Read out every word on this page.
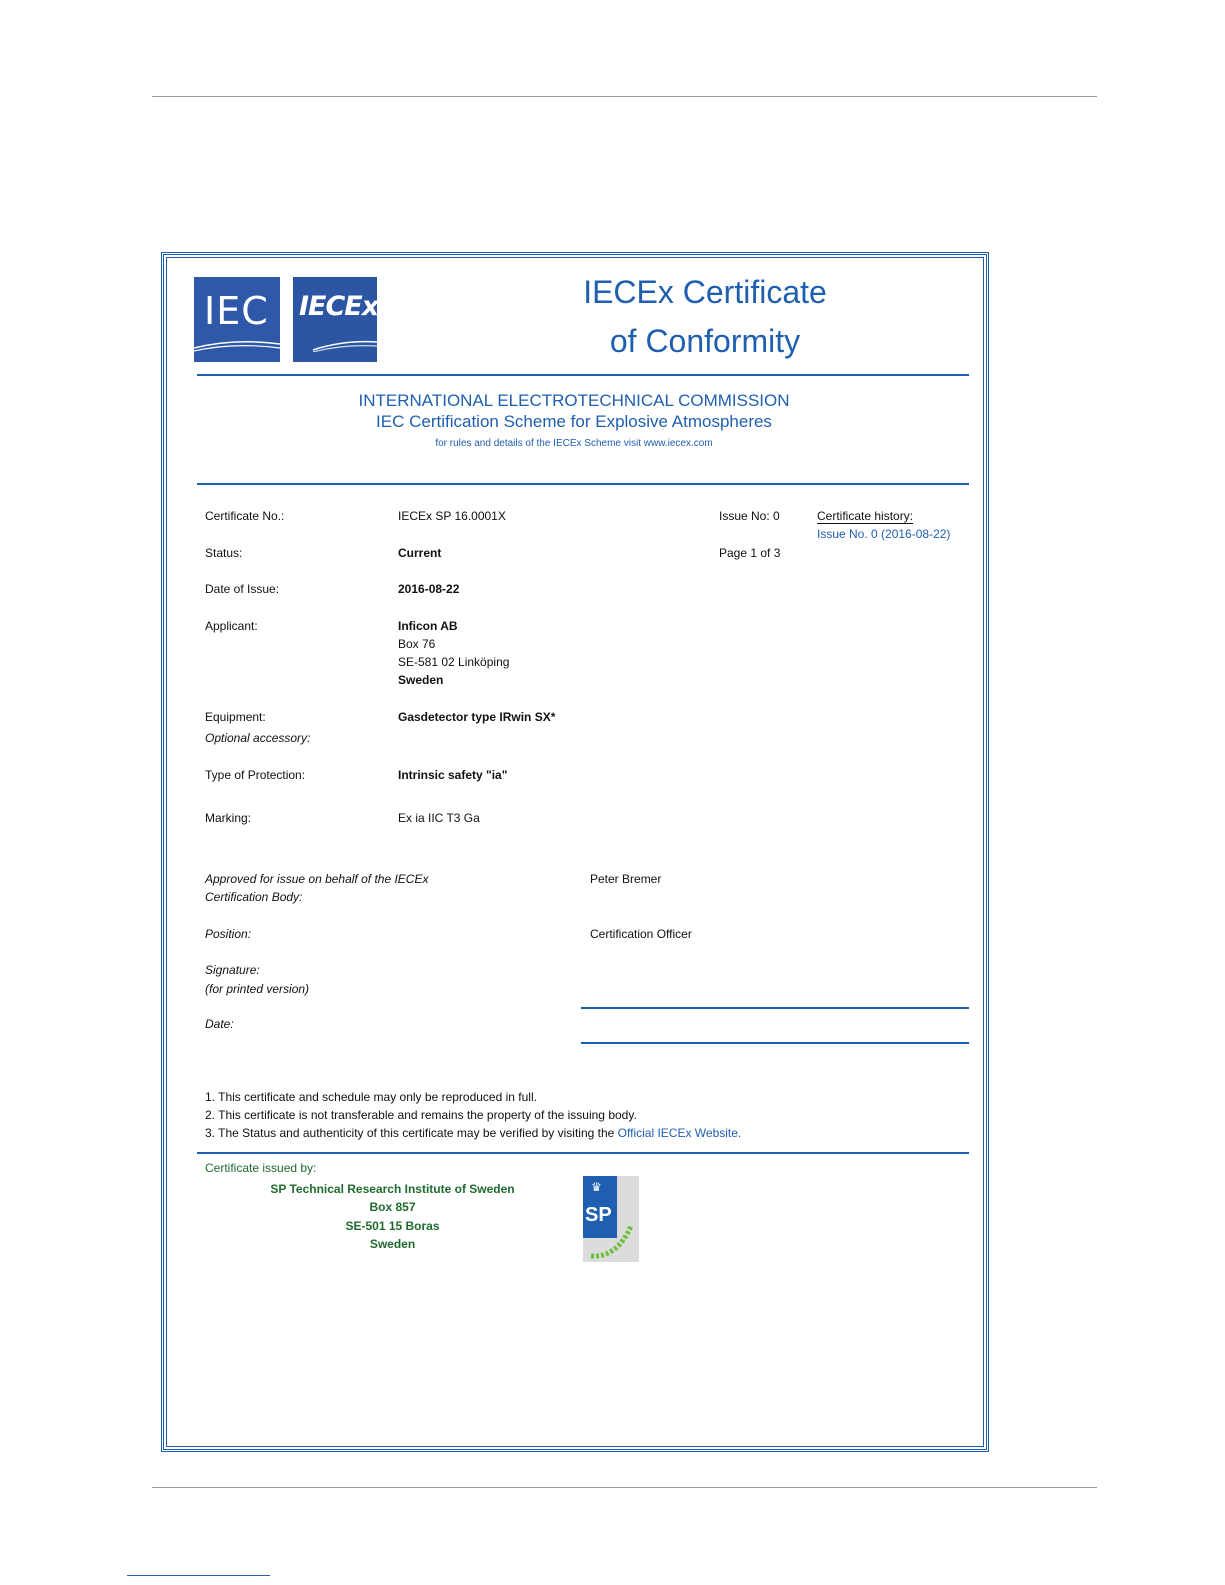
IEC IECEx	IECEx Certificate
of Conformity
INTERNATIONAL ELECTROTECHNICAL COMMISSION
IEC Certification Scheme for Explosive Atmospheres
for rules and details of the IECEx Scheme visit www.iecex.com
Certificate No.:	IECEx SP 16.0001X	Issue No: 0	Certificate history:
Issue No. 0 (2016-08-22)
Status:	Current	Page 1 of 3
Date of Issue:	2016-08-22
Applicant:	Inficon AB
Box 76
SE-581 02 Linköping
Sweden
Equipment:	Gasdetector type IRwin SX*
Optional accessory:
Type of Protection:	Intrinsic safety "ia"
Marking:	Ex ia IIC T3 Ga
Approved for issue on behalf of the IECEx
Certification Body:
Peter Bremer
Position:	Certification Officer
Signature:
(for printed version)
Date:
1. This certificate and schedule may only be reproduced in full.
2. This certificate is not transferable and remains the property of the issuing body.
3. The Status and authenticity of this certificate may be verified by visiting the Official IECEx Website.
Certificate issued by:
SP Technical Research Institute of Sweden
Box 857
SE-501 15 Boras
Sweden
♛
SP
